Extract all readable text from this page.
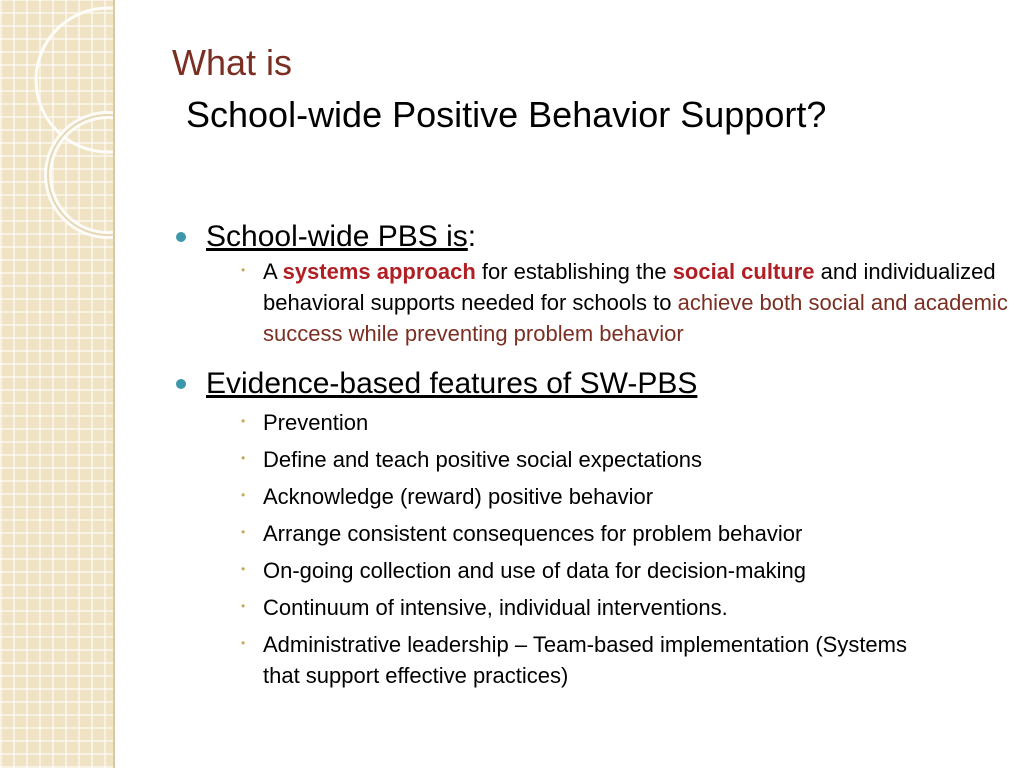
What is
School-wide Positive Behavior Support?
School-wide PBS is:
• A systems approach for establishing the social culture and individualized behavioral supports needed for schools to achieve both social and academic success while preventing problem behavior
Evidence-based features of SW-PBS
• Prevention
• Define and teach positive social expectations
• Acknowledge (reward) positive behavior
• Arrange consistent consequences for problem behavior
• On-going collection and use of data for decision-making
• Continuum of intensive, individual interventions.
• Administrative leadership – Team-based implementation (Systems that support effective practices)
